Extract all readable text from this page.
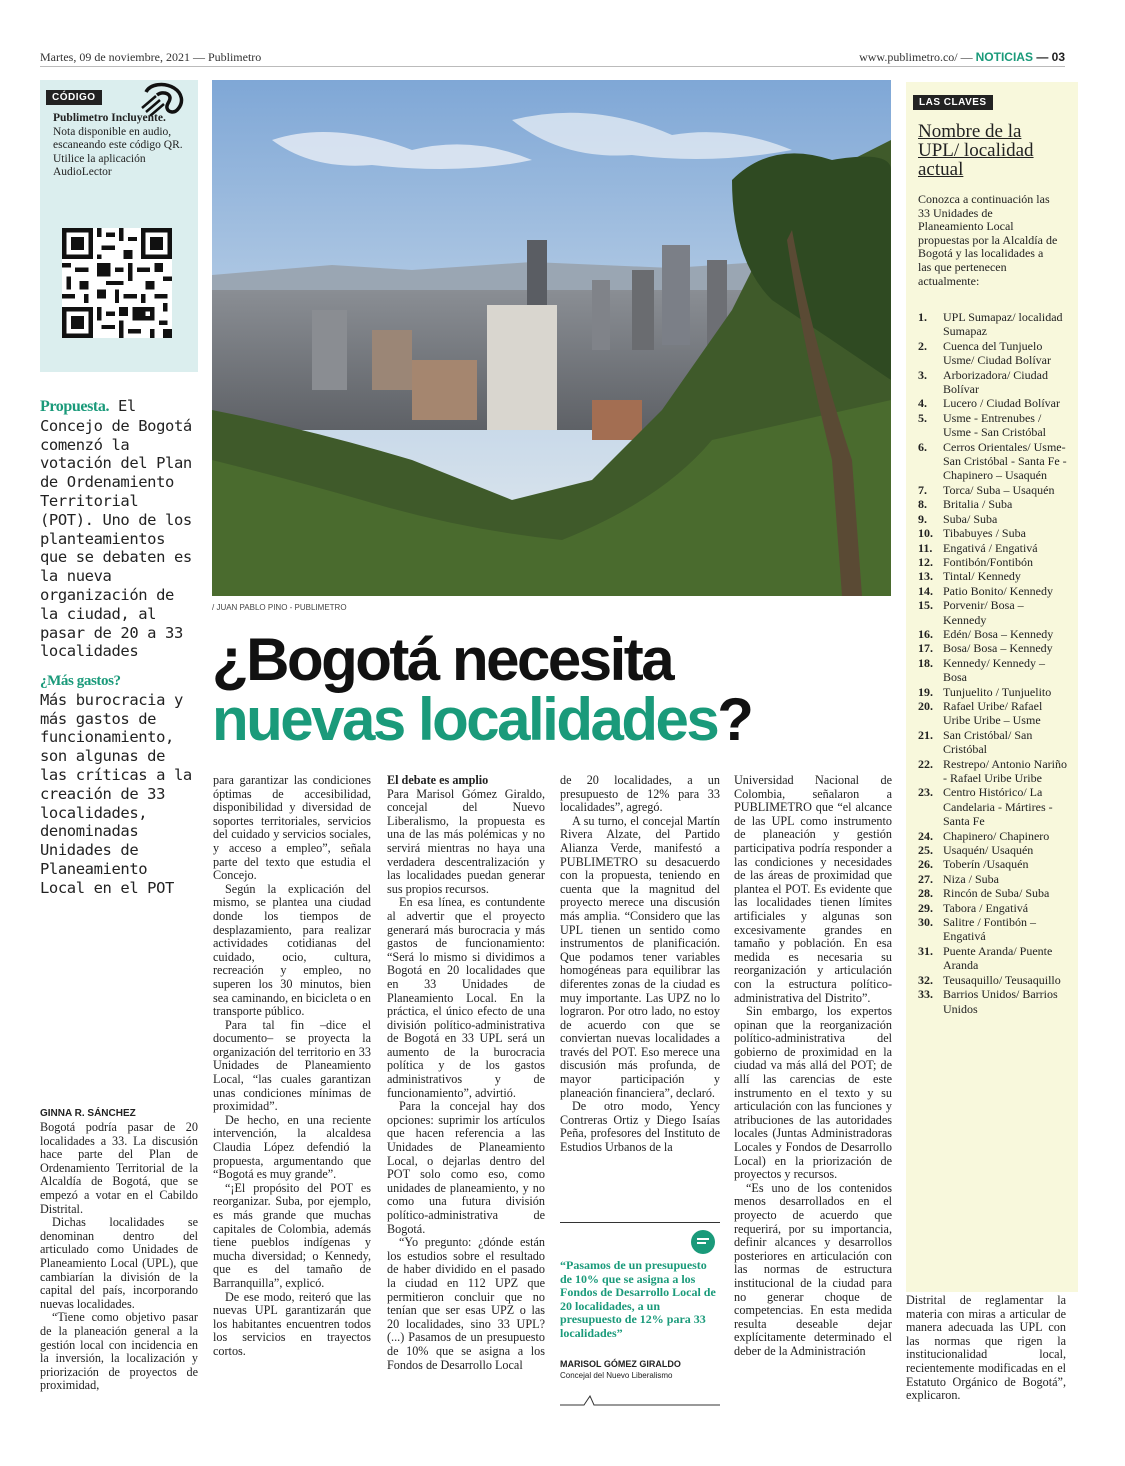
Martes, 09 de noviembre, 2021 — Publimetro	www.publimetro.co/ — NOTICIAS — 03
CÓDIGO
Publimetro Incluyente. Nota disponible en audio, escaneando este código QR. Utilice la aplicación AudioLector
/ JUAN PABLO PINO - PUBLIMETRO
Propuesta. El Concejo de Bogotá comenzó la votación del Plan de Ordenamiento Territorial (POT). Uno de los planteamientos que se debaten es la nueva organización de la ciudad, al pasar de 20 a 33 localidades
¿Más gastos?
Más burocracia y más gastos de funcionamiento, son algunas de las críticas a la creación de 33 localidades, denominadas Unidades de Planeamiento Local en el POT
¿Bogotá necesita
nuevas localidades?
GINNA R. SÁNCHEZ

Bogotá podría pasar de 20 localidades a 33. La discusión hace parte del Plan de Ordenamiento Territorial de la Alcaldía de Bogotá, que se empezó a votar en el Cabildo Distrital.

Dichas localidades se denominan dentro del articulado como Unidades de Planeamiento Local (UPL), que cambiarían la división de la capital del país, incorporando nuevas localidades.

“Tiene como objetivo pasar de la planeación general a la gestión local con incidencia en la inversión, la localización y priorización de proyectos de proximidad,

para garantizar las condiciones óptimas de accesibilidad, disponibilidad y diversidad de soportes territoriales, servicios del cuidado y servicios sociales, y acceso a empleo”, señala parte del texto que estudia el Concejo.

Según la explicación del mismo, se plantea una ciudad donde los tiempos de desplazamiento, para realizar actividades cotidianas del cuidado, ocio, cultura, recreación y empleo, no superen los 30 minutos, bien sea caminando, en bicicleta o en transporte público.

Para tal fin –dice el documento– se proyecta la organización del territorio en 33 Unidades de Planeamiento Local, “las cuales garantizan unas condiciones mínimas de proximidad”.

De hecho, en una reciente intervención, la alcaldesa Claudia López defendió la propuesta, argumentando que “Bogotá es muy grande”.

“¡El propósito del POT es reorganizar. Suba, por ejemplo, es más grande que muchas capitales de Colombia, además tiene pueblos indígenas y mucha diversidad; o Kennedy, que es del tamaño de Barranquilla”, explicó.

De ese modo, reiteró que las nuevas UPL garantizarán que los habitantes encuentren todos los servicios en trayectos cortos.

El debate es amplio

Para Marisol Gómez Giraldo, concejal del Nuevo Liberalismo, la propuesta es una de las más polémicas y no servirá mientras no haya una verdadera descentralización y las localidades puedan generar sus propios recursos.

En esa línea, es contundente al advertir que el proyecto generará más burocracia y más gastos de funcionamiento: “Será lo mismo si dividimos a Bogotá en 20 localidades que en 33 Unidades de Planeamiento Local. En la práctica, el único efecto de una división político-administrativa de Bogotá en 33 UPL será un aumento de la burocracia política y de los gastos administrativos y de funcionamiento”, advirtió.

Para la concejal hay dos opciones: suprimir los artículos que hacen referencia a las Unidades de Planeamiento Local, o dejarlas dentro del POT solo como eso, como unidades de planeamiento, y no como una futura división político-administrativa de Bogotá.

“Yo pregunto: ¿dónde están los estudios sobre el resultado de haber dividido en el pasado la ciudad en 112 UPZ que permitieron concluir que no tenían que ser esas UPZ o las 20 localidades, sino 33 UPL? (...) Pasamos de un presupuesto de 10% que se asigna a los Fondos de Desarrollo Local

de 20 localidades, a un presupuesto de 12% para 33 localidades”, agregó.

A su turno, el concejal Martín Rivera Alzate, del Partido Alianza Verde, manifestó a PUBLIMETRO su desacuerdo con la propuesta, teniendo en cuenta que la magnitud del proyecto merece una discusión más amplia. “Considero que las UPL tienen un sentido como instrumentos de planificación. Que podamos tener variables homogéneas para equilibrar las diferentes zonas de la ciudad es muy importante. Las UPZ no lo lograron. Por otro lado, no estoy de acuerdo con que se conviertan nuevas localidades a través del POT. Eso merece una discusión más profunda, de mayor participación y planeación financiera”, declaró.

De otro modo, Yency Contreras Ortiz y Diego Isaías Peña, profesores del Instituto de Estudios Urbanos de la

“Pasamos de un presupuesto de 10% que se asigna a los Fondos de Desarrollo Local de 20 localidades, a un presupuesto de 12% para 33 localidades”
MARISOL GÓMEZ GIRALDO
Concejal del Nuevo Liberalismo

Universidad Nacional de Colombia, señalaron a PUBLIMETRO que “el alcance de las UPL como instrumento de planeación y gestión participativa podría responder a las condiciones y necesidades de las áreas de proximidad que plantea el POT. Es evidente que las localidades tienen límites artificiales y algunas son excesivamente grandes en tamaño y población. En esa medida es necesaria su reorganización y articulación con la estructura político-administrativa del Distrito”.

Sin embargo, los expertos opinan que la reorganización político-administrativa del gobierno de proximidad en la ciudad va más allá del POT; de allí las carencias de este instrumento en el texto y su articulación con las funciones y atribuciones de las autoridades locales (Juntas Administradoras Locales y Fondos de Desarrollo Local) en la priorización de proyectos y recursos.

“Es uno de los contenidos menos desarrollados en el proyecto de acuerdo que requerirá, por su importancia, definir alcances y desarrollos posteriores en articulación con las normas de estructura institucional de la ciudad para no generar choque de competencias. En esta medida resulta deseable dejar explícitamente determinado el deber de la Administración

Distrital de reglamentar la materia con miras a articular de manera adecuada las UPL con las normas que rigen la institucionalidad local, recientemente modificadas en el Estatuto Orgánico de Bogotá”, explicaron.

LAS CLAVES
Nombre de la UPL/ localidad actual
Conozca a continuación las 33 Unidades de Planeamiento Local propuestas por la Alcaldía de Bogotá y las localidades a las que pertenecen actualmente:
1.	UPL Sumapaz/ localidad Sumapaz
2.	Cuenca del Tunjuelo Usme/ Ciudad Bolívar
3.	Arborizadora/ Ciudad Bolívar
4.	Lucero / Ciudad Bolívar
5.	Usme - Entrenubes / Usme - San Cristóbal
6.	Cerros Orientales/ Usme-San Cristóbal - Santa Fe - Chapinero – Usaquén
7.	Torca/ Suba – Usaquén
8.	Britalia / Suba
9.	Suba/ Suba
10. Tibabuyes / Suba
11. Engativá / Engativá
12. Fontibón/Fontibón
13. Tintal/ Kennedy
14. Patio Bonito/ Kennedy
15. Porvenir/ Bosa – Kennedy
16. Edén/ Bosa – Kennedy
17. Bosa/ Bosa – Kennedy
18. Kennedy/ Kennedy – Bosa
19. Tunjuelito / Tunjuelito
20. Rafael Uribe/ Rafael Uribe Uribe – Usme
21. San Cristóbal/ San Cristóbal
22. Restrepo/ Antonio Nariño - Rafael Uribe Uribe
23. Centro Histórico/ La Candelaria - Mártires - Santa Fe
24. Chapinero/ Chapinero
25. Usaquén/ Usaquén
26. Toberín /Usaquén
27. Niza / Suba
28. Rincón de Suba/ Suba
29. Tabora / Engativá
30. Salitre / Fontibón – Engativá
31. Puente Aranda/ Puente Aranda
32. Teusaquillo/ Teusaquillo
33. Barrios Unidos/ Barrios Unidos
